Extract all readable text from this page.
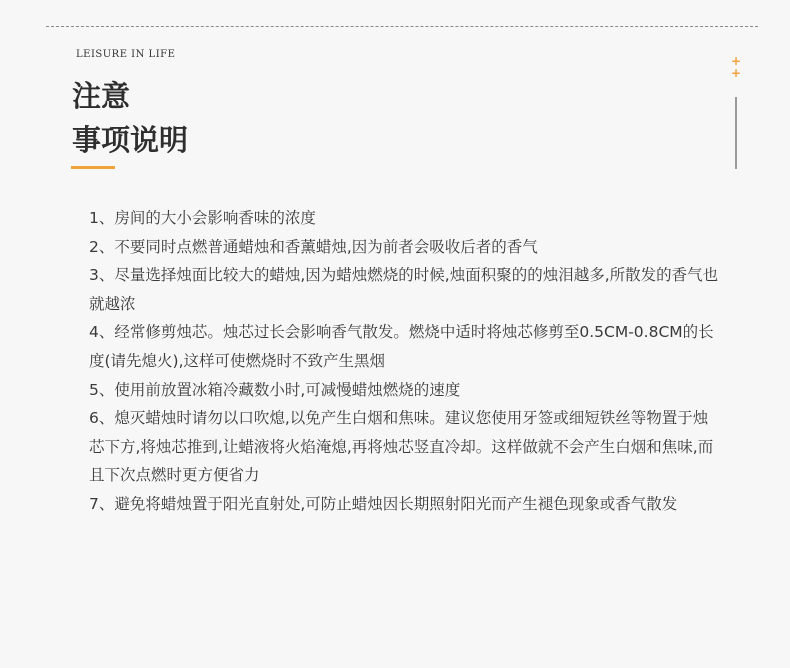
LEISURE IN LIFE
注意
事项说明
+
+
1、房间的大小会影响香味的浓度
2、不要同时点燃普通蜡烛和香薰蜡烛,因为前者会吸收后者的香气
3、尽量选择烛面比较大的蜡烛,因为蜡烛燃烧的时候,烛面积聚的的烛泪越多,所散发的香气也就越浓
4、经常修剪烛芯。烛芯过长会影响香气散发。燃烧中适时将烛芯修剪至0.5CM-0.8CM的长度(请先熄火),这样可使燃烧时不致产生黑烟
5、使用前放置冰箱冷藏数小时,可减慢蜡烛燃烧的速度
6、熄灭蜡烛时请勿以口吹熄,以免产生白烟和焦味。建议您使用牙签或细短铁丝等物置于烛芯下方,将烛芯推到,让蜡液将火焰淹熄,再将烛芯竖直冷却。这样做就不会产生白烟和焦味,而且下次点燃时更方便省力
7、避免将蜡烛置于阳光直射处,可防止蜡烛因长期照射阳光而产生褪色现象或香气散发
